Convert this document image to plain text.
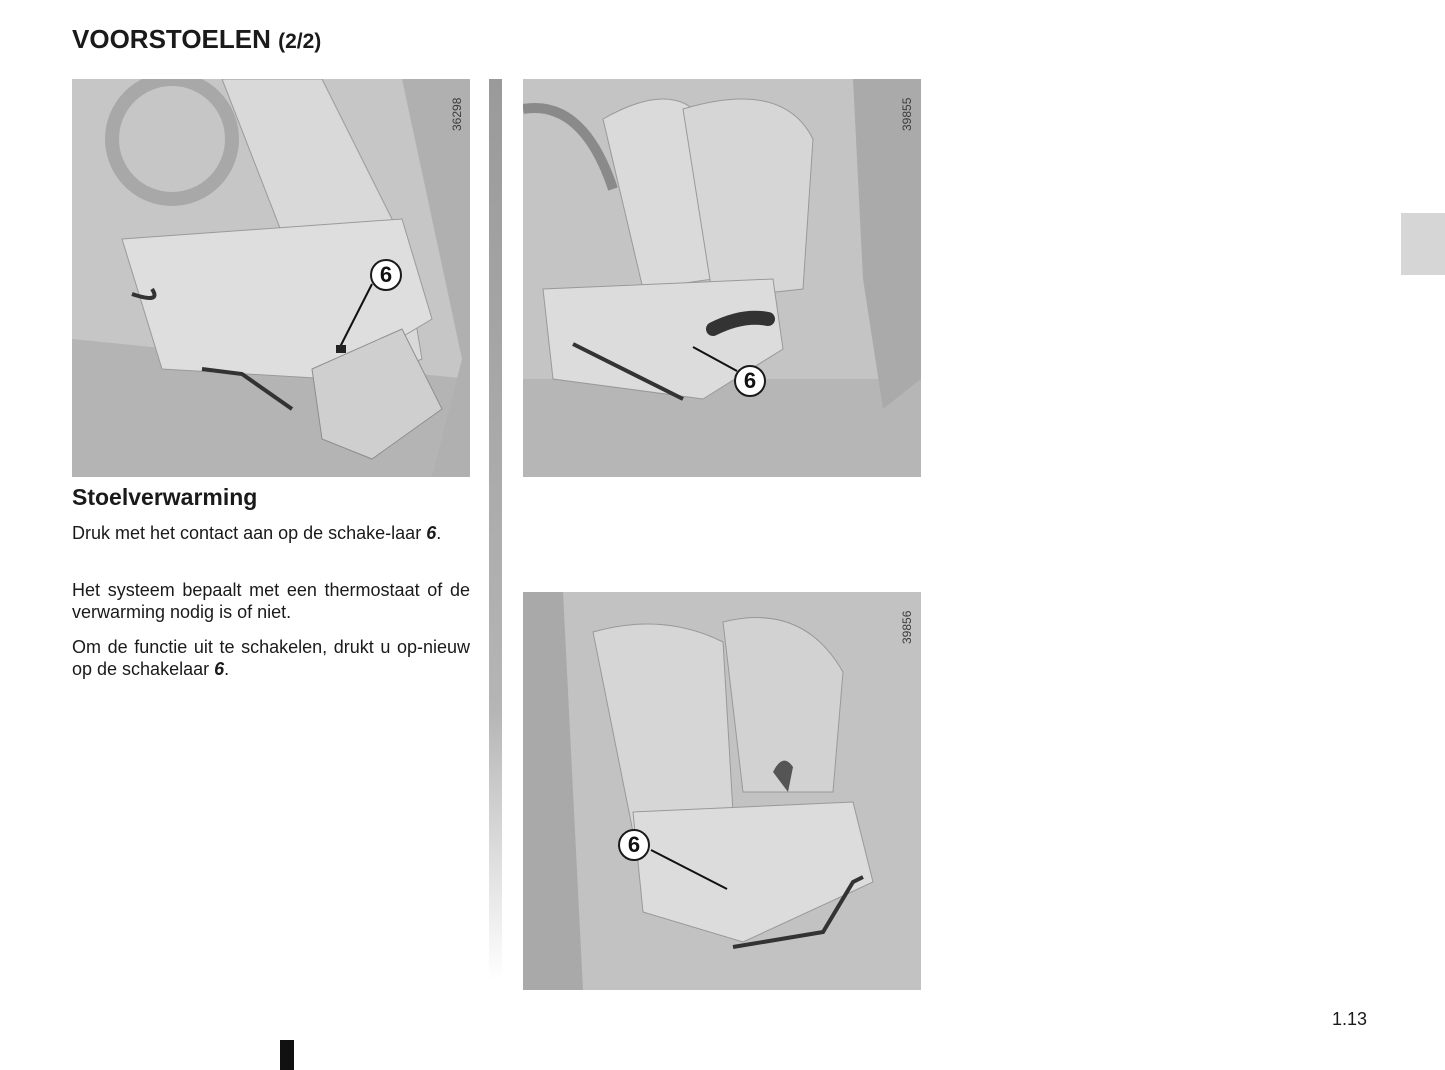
VOORSTOELEN (2/2)
36298
6
39855
6
39856
6
Stoelverwarming

Druk met het contact aan op de schake-laar 6.

Het systeem bepaalt met een thermostaat of de verwarming nodig is of niet.

Om de functie uit te schakelen, drukt u op-nieuw op de schakelaar 6.

1.13
